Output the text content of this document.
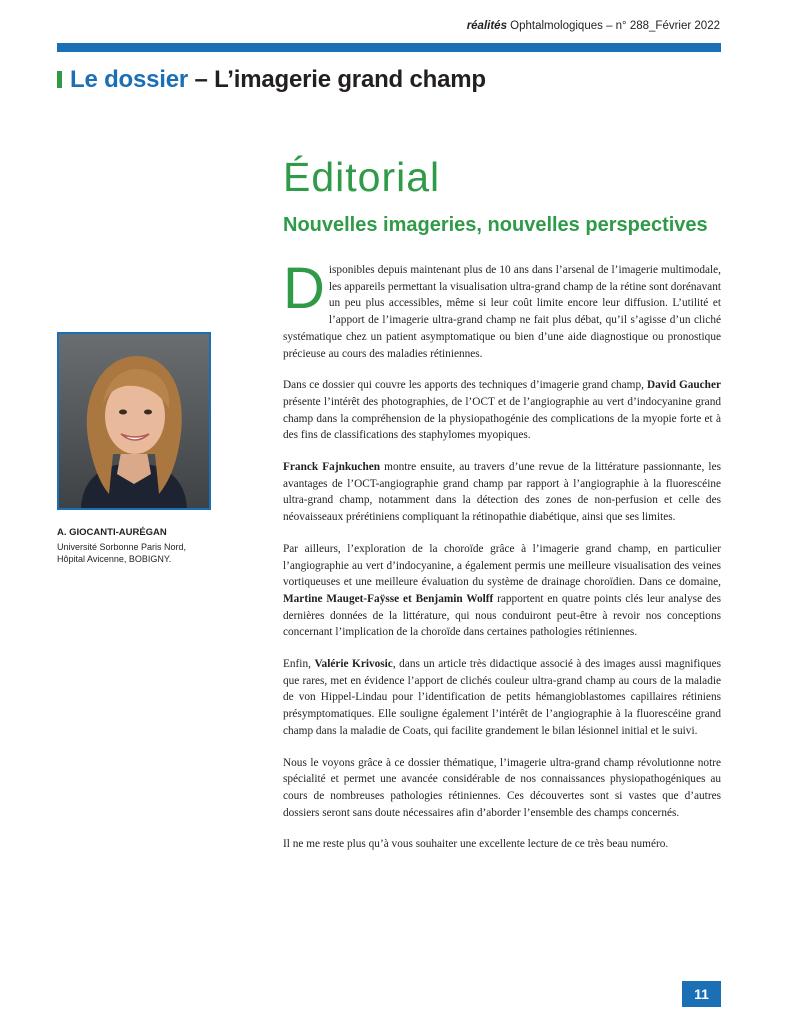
réalités Ophtalmologiques – n° 288_Février 2022
Le dossier – L’imagerie grand champ
Éditorial
Nouvelles imageries, nouvelles perspectives
A. GIOCANTI-AURÉGAN
Université Sorbonne Paris Nord,
Hôpital Avicenne, BOBIGNY.

Disponibles depuis maintenant plus de 10 ans dans l’arsenal de l’imagerie multimodale, les appareils permettant la visualisation ultra-grand champ de la rétine sont dorénavant un peu plus accessibles, même si leur coût limite encore leur diffusion. L’utilité et l’apport de l’imagerie ultra-grand champ ne fait plus débat, qu’il s’agisse d’un cliché systématique chez un patient asymptomatique ou bien d’une aide diagnostique ou pronostique précieuse au cours des maladies rétiniennes.

Dans ce dossier qui couvre les apports des techniques d’imagerie grand champ, David Gaucher présente l’intérêt des photographies, de l’OCT et de l’angiographie au vert d’indocyanine grand champ dans la compréhension de la physiopathogénie des complications de la myopie forte et à des fins de classifications des staphylomes myopiques.

Franck Fajnkuchen montre ensuite, au travers d’une revue de la littérature passionnante, les avantages de l’OCT-angiographie grand champ par rapport à l’angiographie à la fluorescéine ultra-grand champ, notamment dans la détection des zones de non-perfusion et celle des néovaisseaux prérétiniens compliquant la rétinopathie diabétique, ainsi que ses limites.

Par ailleurs, l’exploration de la choroïde grâce à l’imagerie grand champ, en particulier l’angiographie au vert d’indocyanine, a également permis une meilleure visualisation des veines vortiqueuses et une meilleure évaluation du système de drainage choroïdien. Dans ce domaine, Martine Mauget-Faÿsse et Benjamin Wolff rapportent en quatre points clés leur analyse des dernières données de la littérature, qui nous conduiront peut-être à revoir nos conceptions concernant l’implication de la choroïde dans certaines pathologies rétiniennes.

Enfin, Valérie Krivosic, dans un article très didactique associé à des images aussi magnifiques que rares, met en évidence l’apport de clichés couleur ultra-grand champ au cours de la maladie de von Hippel-Lindau pour l’identification de petits hémangioblastomes capillaires rétiniens présymptomatiques. Elle souligne également l’intérêt de l’angiographie à la fluorescéine grand champ dans la maladie de Coats, qui facilite grandement le bilan lésionnel initial et le suivi.

Nous le voyons grâce à ce dossier thématique, l’imagerie ultra-grand champ révolutionne notre spécialité et permet une avancée considérable de nos connaissances physiopathogéniques au cours de nombreuses pathologies rétiniennes. Ces découvertes sont si vastes que d’autres dossiers seront sans doute nécessaires afin d’aborder l’ensemble des champs concernés.

Il ne me reste plus qu’à vous souhaiter une excellente lecture de ce très beau numéro.

11
